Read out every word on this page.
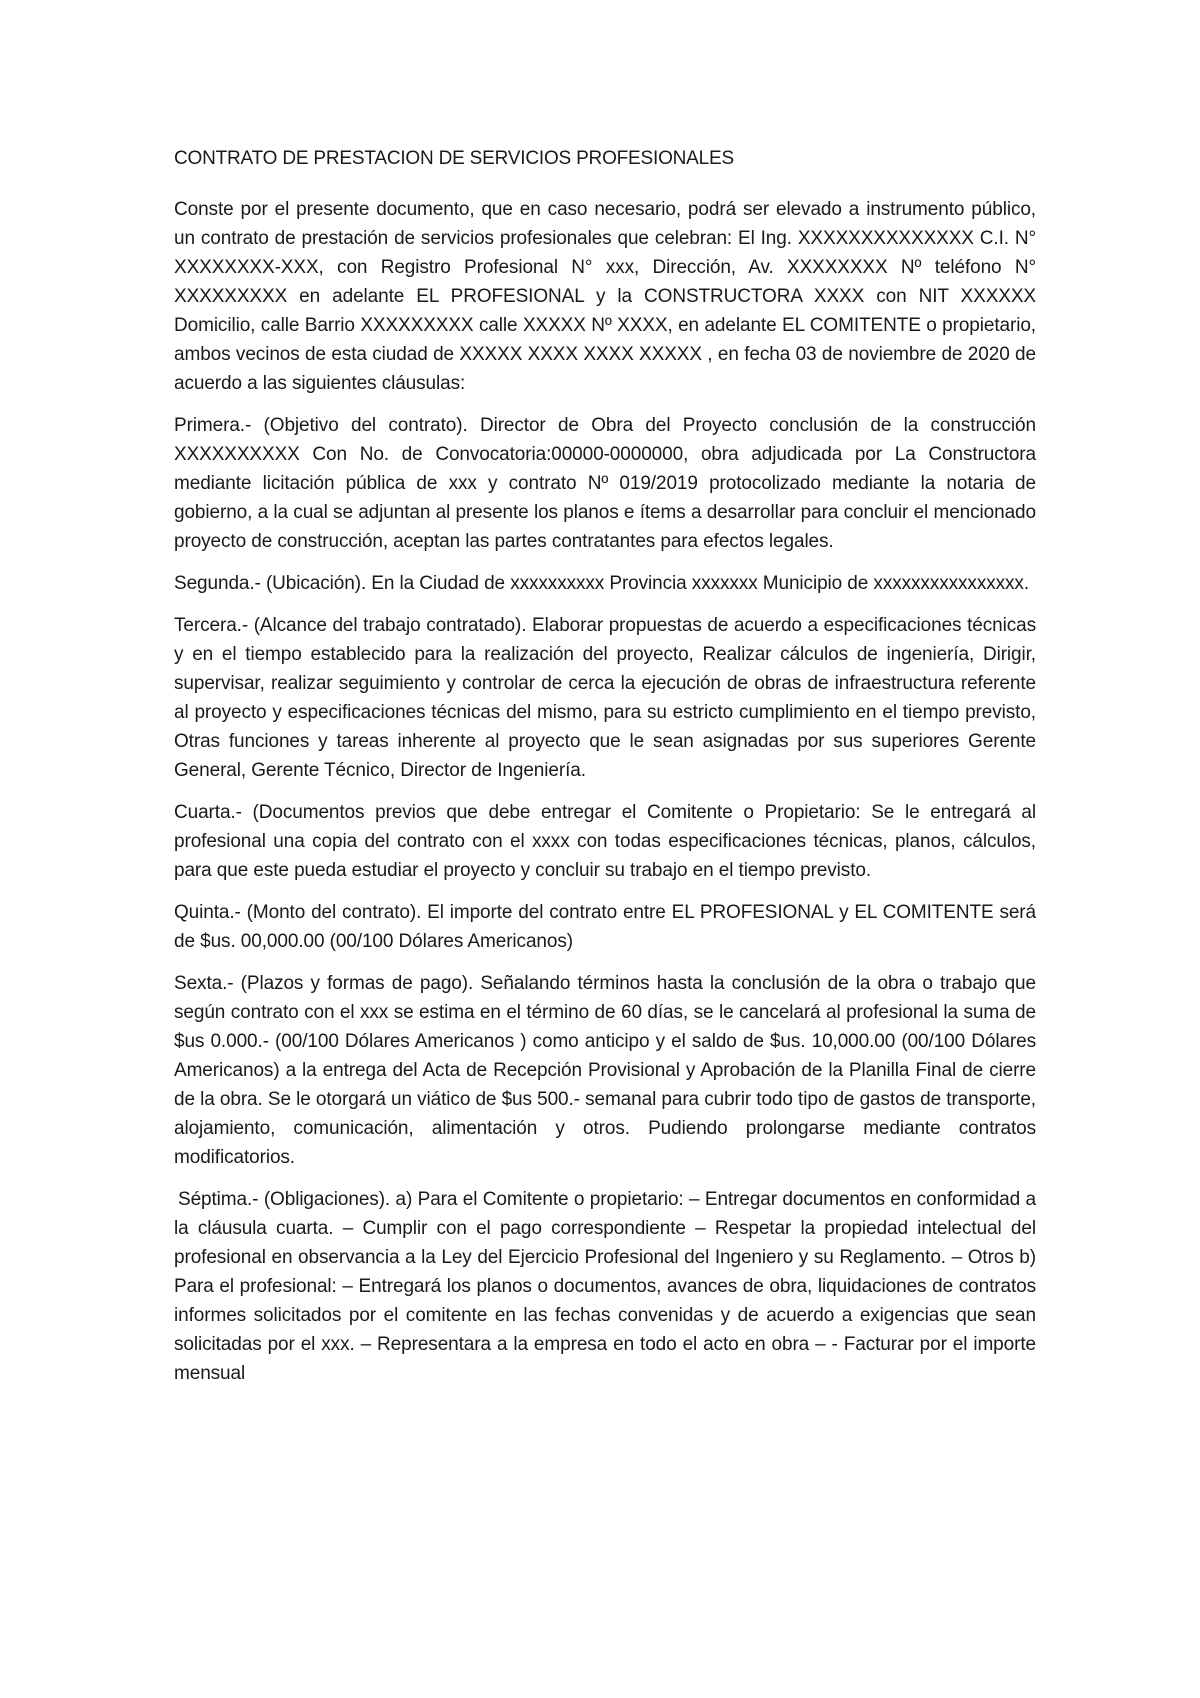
CONTRATO DE PRESTACION DE SERVICIOS PROFESIONALES

Conste por el presente documento, que en caso necesario, podrá ser elevado a instrumento público, un contrato de prestación de servicios profesionales que celebran: El Ing. XXXXXXXXXXXXXX C.I. N° XXXXXXXX-XXX, con Registro Profesional N° xxx, Dirección, Av. XXXXXXXX Nº teléfono N° XXXXXXXXX en adelante EL PROFESIONAL y la CONSTRUCTORA XXXX con NIT XXXXXX Domicilio, calle Barrio XXXXXXXXX calle XXXXX Nº XXXX, en adelante EL COMITENTE o propietario, ambos vecinos de esta ciudad de XXXXX XXXX XXXX XXXXX , en fecha 03 de noviembre de 2020 de acuerdo a las siguientes cláusulas:

Primera.- (Objetivo del contrato). Director de Obra del Proyecto conclusión de la construcción XXXXXXXXXX Con No. de Convocatoria:00000-0000000, obra adjudicada por La Constructora mediante licitación pública de xxx y contrato Nº 019/2019 protocolizado mediante la notaria de gobierno, a la cual se adjuntan al presente los planos e ítems a desarrollar para concluir el mencionado proyecto de construcción, aceptan las partes contratantes para efectos legales.

Segunda.- (Ubicación). En la Ciudad de xxxxxxxxxx Provincia xxxxxxx Municipio de xxxxxxxxxxxxxxxx.

Tercera.- (Alcance del trabajo contratado). Elaborar propuestas de acuerdo a especificaciones técnicas y en el tiempo establecido para la realización del proyecto, Realizar cálculos de ingeniería, Dirigir, supervisar, realizar seguimiento y controlar de cerca la ejecución de obras de infraestructura referente al proyecto y especificaciones técnicas del mismo, para su estricto cumplimiento en el tiempo previsto, Otras funciones y tareas inherente al proyecto que le sean asignadas por sus superiores Gerente General, Gerente Técnico, Director de Ingeniería.

Cuarta.- (Documentos previos que debe entregar el Comitente o Propietario: Se le entregará al profesional una copia del contrato con el xxxx con todas especificaciones técnicas, planos, cálculos, para que este pueda estudiar el proyecto y concluir su trabajo en el tiempo previsto.

Quinta.- (Monto del contrato). El importe del contrato entre EL PROFESIONAL y EL COMITENTE será de $us. 00,000.00 (00/100 Dólares Americanos)

Sexta.- (Plazos y formas de pago). Señalando términos hasta la conclusión de la obra o trabajo que según contrato con el xxx se estima en el término de 60 días, se le cancelará al profesional la suma de $us 0.000.- (00/100 Dólares Americanos ) como anticipo y el saldo de $us. 10,000.00 (00/100 Dólares Americanos) a la entrega del Acta de Recepción Provisional y Aprobación de la Planilla Final de cierre de la obra. Se le otorgará un viático de $us 500.- semanal para cubrir todo tipo de gastos de transporte, alojamiento, comunicación, alimentación y otros. Pudiendo prolongarse mediante contratos modificatorios.

Séptima.- (Obligaciones). a) Para el Comitente o propietario: – Entregar documentos en conformidad a la cláusula cuarta. – Cumplir con el pago correspondiente – Respetar la propiedad intelectual del profesional en observancia a la Ley del Ejercicio Profesional del Ingeniero y su Reglamento. – Otros b) Para el profesional: – Entregará los planos o documentos, avances de obra, liquidaciones de contratos informes solicitados por el comitente en las fechas convenidas y de acuerdo a exigencias que sean solicitadas por el xxx. – Representara a la empresa en todo el acto en obra – - Facturar por el importe mensual
